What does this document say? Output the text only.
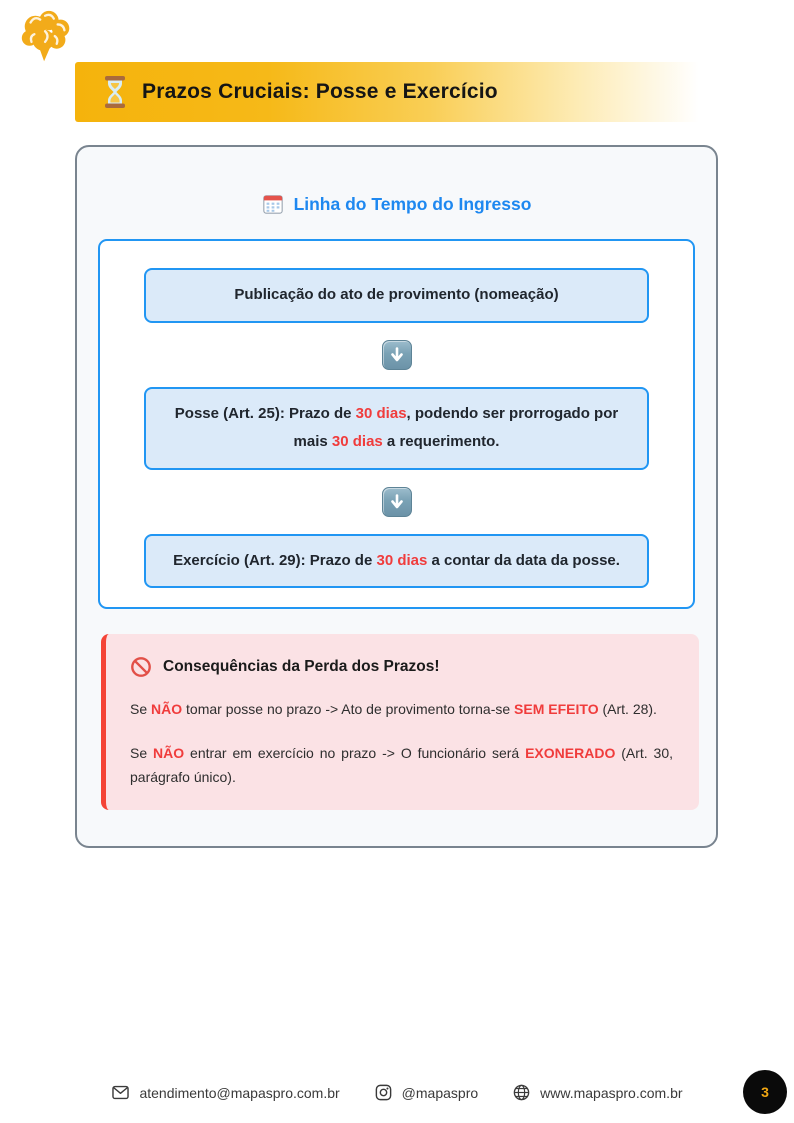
Prazos Cruciais: Posse e Exercício
Linha do Tempo do Ingresso
Publicação do ato de provimento (nomeação)
Posse (Art. 25): Prazo de 30 dias, podendo ser prorrogado por mais 30 dias a requerimento.
Exercício (Art. 29): Prazo de 30 dias a contar da data da posse.
Consequências da Perda dos Prazos!

Se NÃO tomar posse no prazo -> Ato de provimento torna-se SEM EFEITO (Art. 28).

Se NÃO entrar em exercício no prazo -> O funcionário será EXONERADO (Art. 30, parágrafo único).

atendimento@mapaspro.com.br	@mapaspro	www.mapaspro.com.br	3
